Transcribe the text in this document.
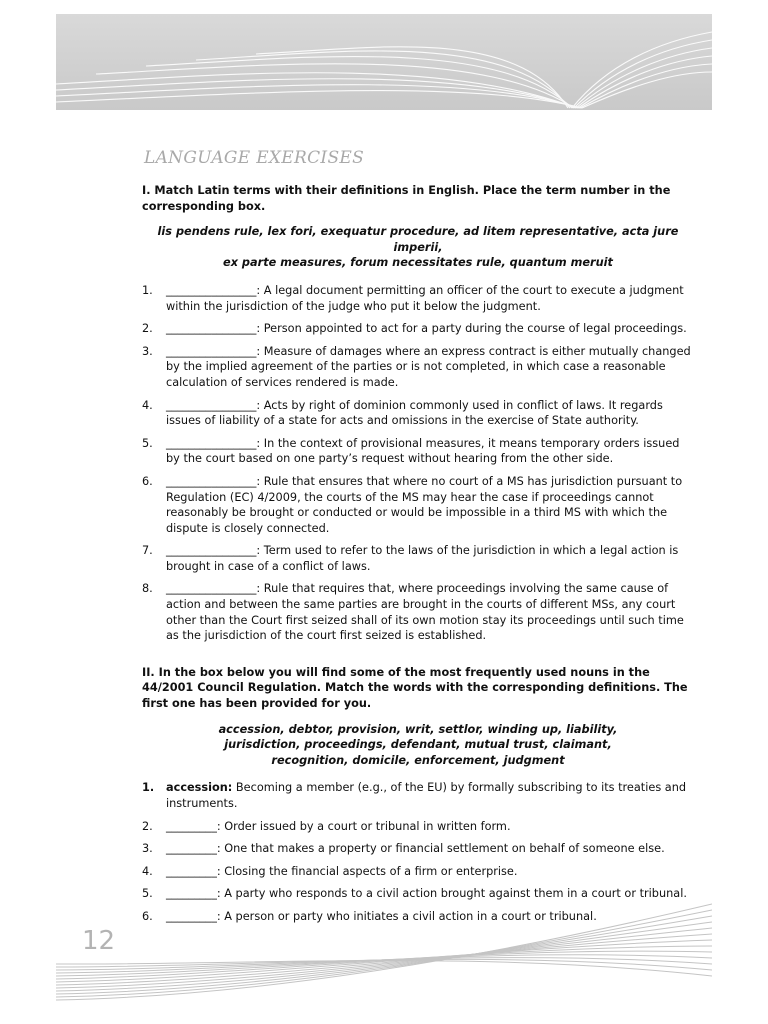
LANGUAGE EXERCISES

I. Match Latin terms with their definitions in English. Place the term number in the corresponding box.

lis pendens rule, lex fori, exequatur procedure, ad litem representative, acta jure imperii,
ex parte measures, forum necessitates rule, quantum meruit
1. ________________: A legal document permitting an officer of the court to execute a judgment within the jurisdiction of the judge who put it below the judgment.
2. ________________: Person appointed to act for a party during the course of legal proceedings.
3. ________________: Measure of damages where an express contract is either mutually changed by the implied agreement of the parties or is not completed, in which case a reasonable calculation of services rendered is made.
4. ________________: Acts by right of dominion commonly used in conflict of laws. It regards issues of liability of a state for acts and omissions in the exercise of State authority.
5. ________________: In the context of provisional measures, it means temporary orders issued by the court based on one party’s request without hearing from the other side.
6. ________________: Rule that ensures that where no court of a MS has jurisdiction pursuant to Regulation (EC) 4/2009, the courts of the MS may hear the case if proceedings cannot reasonably be brought or conducted or would be impossible in a third MS with which the dispute is closely connected.
7. ________________: Term used to refer to the laws of the jurisdiction in which a legal action is brought in case of a conflict of laws.
8. ________________: Rule that requires that, where proceedings involving the same cause of action and between the same parties are brought in the courts of different MSs, any court other than the Court first seized shall of its own motion stay its proceedings until such time as the jurisdiction of the court first seized is established.

II. In the box below you will find some of the most frequently used nouns in the 44/2001 Council Regulation. Match the words with the corresponding definitions. The first one has been provided for you.

accession, debtor, provision, writ, settlor, winding up, liability,
jurisdiction, proceedings, defendant, mutual trust, claimant,
recognition, domicile, enforcement, judgment
1. accession: Becoming a member (e.g., of the EU) by formally subscribing to its treaties and instruments.
2. _________: Order issued by a court or tribunal in written form.
3. _________: One that makes a property or financial settlement on behalf of someone else.
4. _________: Closing the financial aspects of a firm or enterprise.
5. _________: A party who responds to a civil action brought against them in a court or tribunal.
6. _________: A person or party who initiates a civil action in a court or tribunal.
12
